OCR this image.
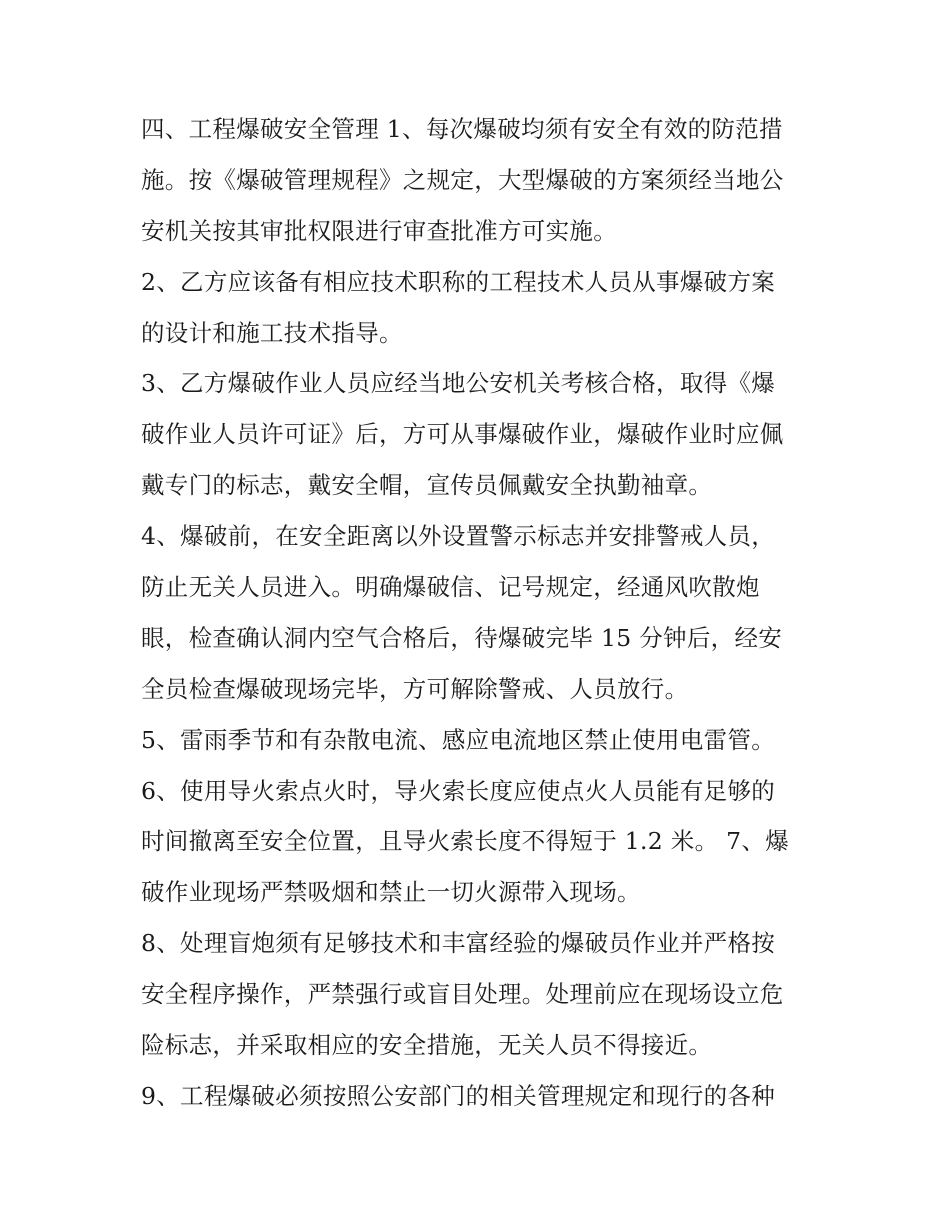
四、工程爆破安全管理 1、每次爆破均须有安全有效的防范措
施。按《爆破管理规程》之规定，大型爆破的方案须经当地公
安机关按其审批权限进行审查批准方可实施。
2、乙方应该备有相应技术职称的工程技术人员从事爆破方案
的设计和施工技术指导。
3、乙方爆破作业人员应经当地公安机关考核合格，取得《爆
破作业人员许可证》后，方可从事爆破作业，爆破作业时应佩
戴专门的标志，戴安全帽，宣传员佩戴安全执勤袖章。
4、爆破前，在安全距离以外设置警示标志并安排警戒人员，
防止无关人员进入。明确爆破信、记号规定，经通风吹散炮
眼，检查确认洞内空气合格后，待爆破完毕 15 分钟后，经安
全员检查爆破现场完毕，方可解除警戒、人员放行。
5、雷雨季节和有杂散电流、感应电流地区禁止使用电雷管。
6、使用导火索点火时，导火索长度应使点火人员能有足够的
时间撤离至安全位置，且导火索长度不得短于 1.2 米。 7、爆
破作业现场严禁吸烟和禁止一切火源带入现场。
8、处理盲炮须有足够技术和丰富经验的爆破员作业并严格按
安全程序操作，严禁强行或盲目处理。处理前应在现场设立危
险标志，并采取相应的安全措施，无关人员不得接近。
9、工程爆破必须按照公安部门的相关管理规定和现行的各种
